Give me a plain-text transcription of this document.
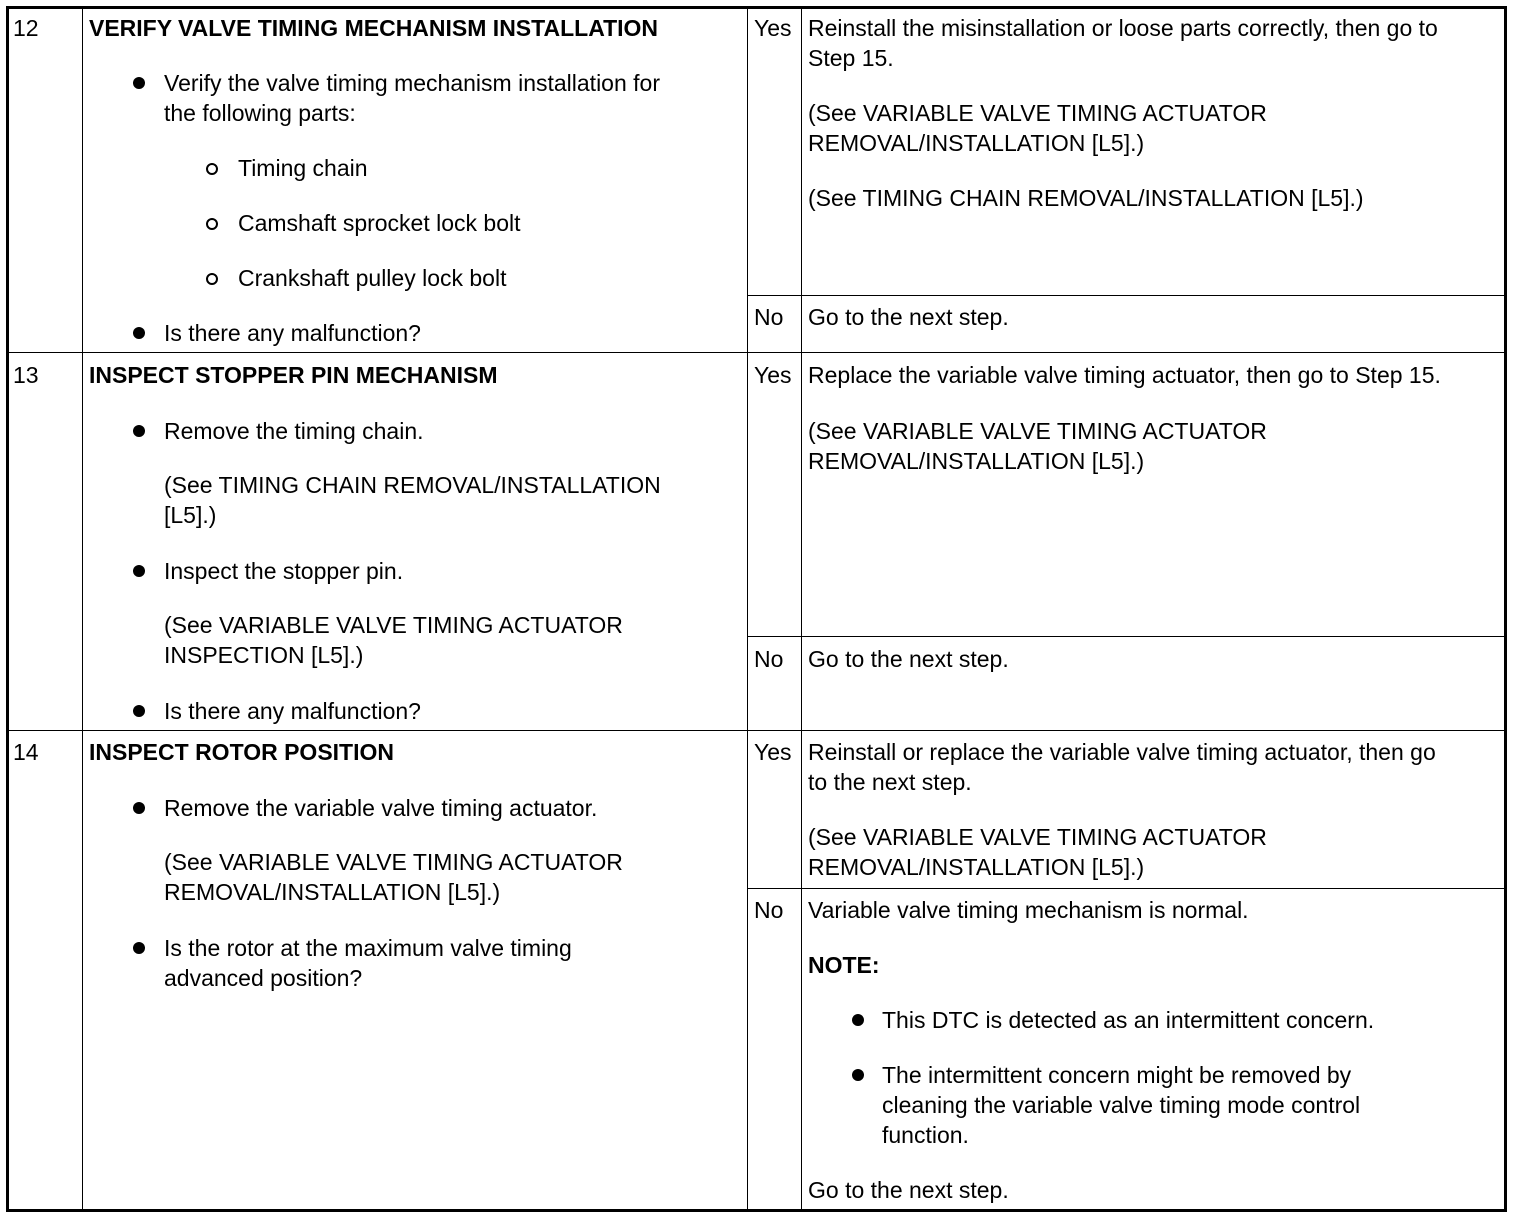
12 VERIFY VALVE TIMING MECHANISM INSTALLATION
Verify the valve timing mechanism installation for
the following parts:
Timing chain
Camshaft sprocket lock bolt
Crankshaft pulley lock bolt
Is there any malfunction?
Yes Reinstall the misinstallation or loose parts correctly, then go to
Step 15.
(See VARIABLE VALVE TIMING ACTUATOR
REMOVAL/INSTALLATION [L5].)
(See TIMING CHAIN REMOVAL/INSTALLATION [L5].)
No Go to the next step.
13 INSPECT STOPPER PIN MECHANISM
Remove the timing chain.
(See TIMING CHAIN REMOVAL/INSTALLATION
[L5].)
Inspect the stopper pin.
(See VARIABLE VALVE TIMING ACTUATOR
INSPECTION [L5].)
Is there any malfunction?
Yes Replace the variable valve timing actuator, then go to Step 15.
(See VARIABLE VALVE TIMING ACTUATOR
REMOVAL/INSTALLATION [L5].)
No Go to the next step.
14 INSPECT ROTOR POSITION
Remove the variable valve timing actuator.
(See VARIABLE VALVE TIMING ACTUATOR
REMOVAL/INSTALLATION [L5].)
Is the rotor at the maximum valve timing
advanced position?
Yes Reinstall or replace the variable valve timing actuator, then go
to the next step.
(See VARIABLE VALVE TIMING ACTUATOR
REMOVAL/INSTALLATION [L5].)
No Variable valve timing mechanism is normal.
NOTE:
This DTC is detected as an intermittent concern.
The intermittent concern might be removed by
cleaning the variable valve timing mode control
function.
Go to the next step.
